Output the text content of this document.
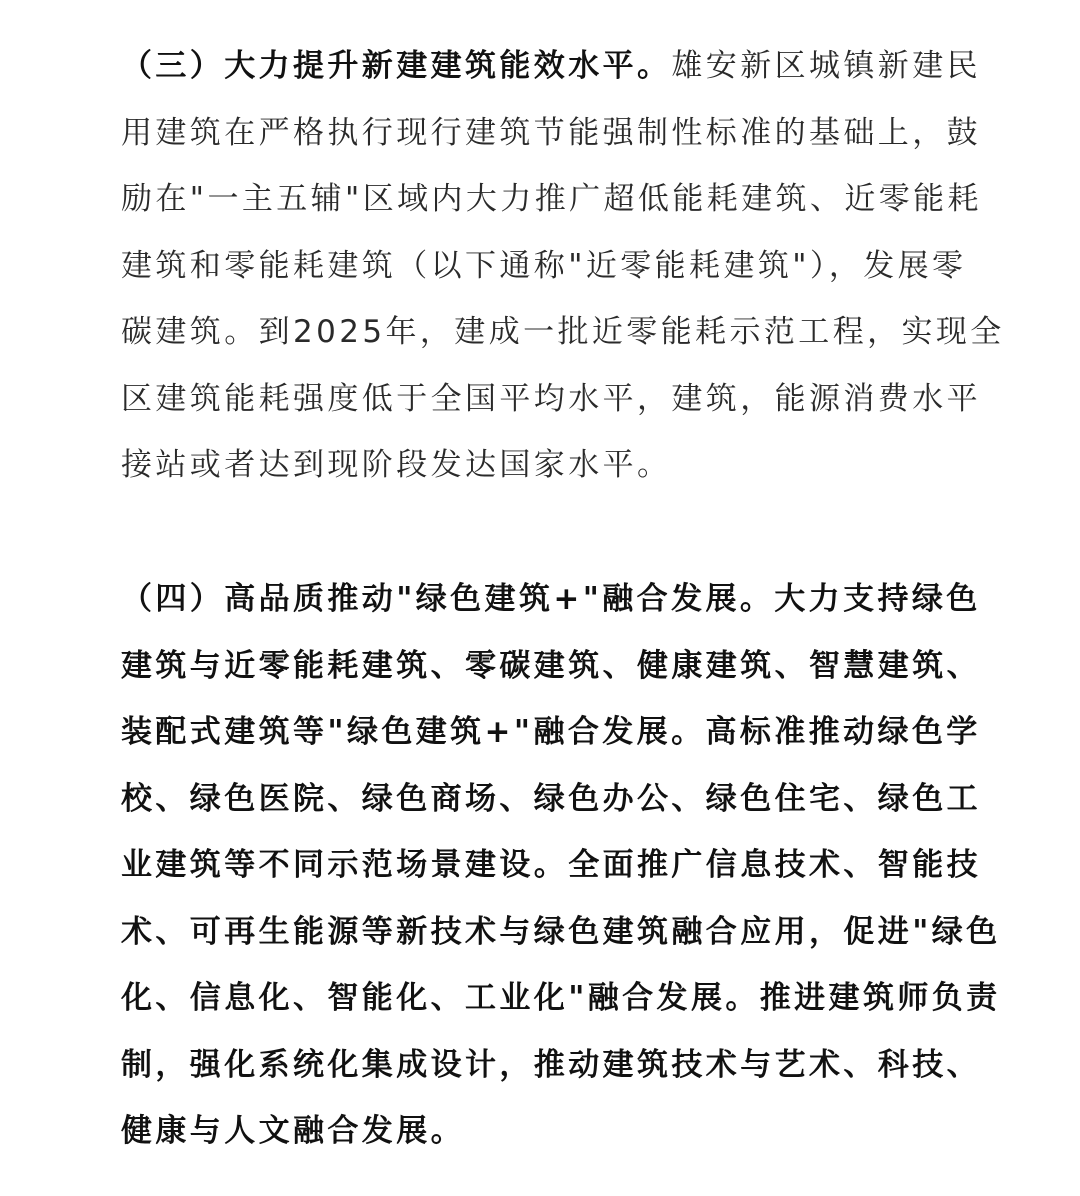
（三）大力提升新建建筑能效水平。雄安新区城镇新建民
用建筑在严格执行现行建筑节能强制性标准的基础上，鼓
励在"一主五辅"区域内大力推广超低能耗建筑、近零能耗
建筑和零能耗建筑（以下通称"近零能耗建筑"），发展零
碳建筑。到2025年，建成一批近零能耗示范工程，实现全
区建筑能耗强度低于全国平均水平，建筑，能源消费水平
接站或者达到现阶段发达国家水平。

（四）高品质推动"绿色建筑+"融合发展。大力支持绿色
建筑与近零能耗建筑、零碳建筑、健康建筑、智慧建筑、
装配式建筑等"绿色建筑+"融合发展。高标准推动绿色学
校、绿色医院、绿色商场、绿色办公、绿色住宅、绿色工
业建筑等不同示范场景建设。全面推广信息技术、智能技
术、可再生能源等新技术与绿色建筑融合应用，促进"绿色
化、信息化、智能化、工业化"融合发展。推进建筑师负责
制，强化系统化集成设计，推动建筑技术与艺术、科技、
健康与人文融合发展。
